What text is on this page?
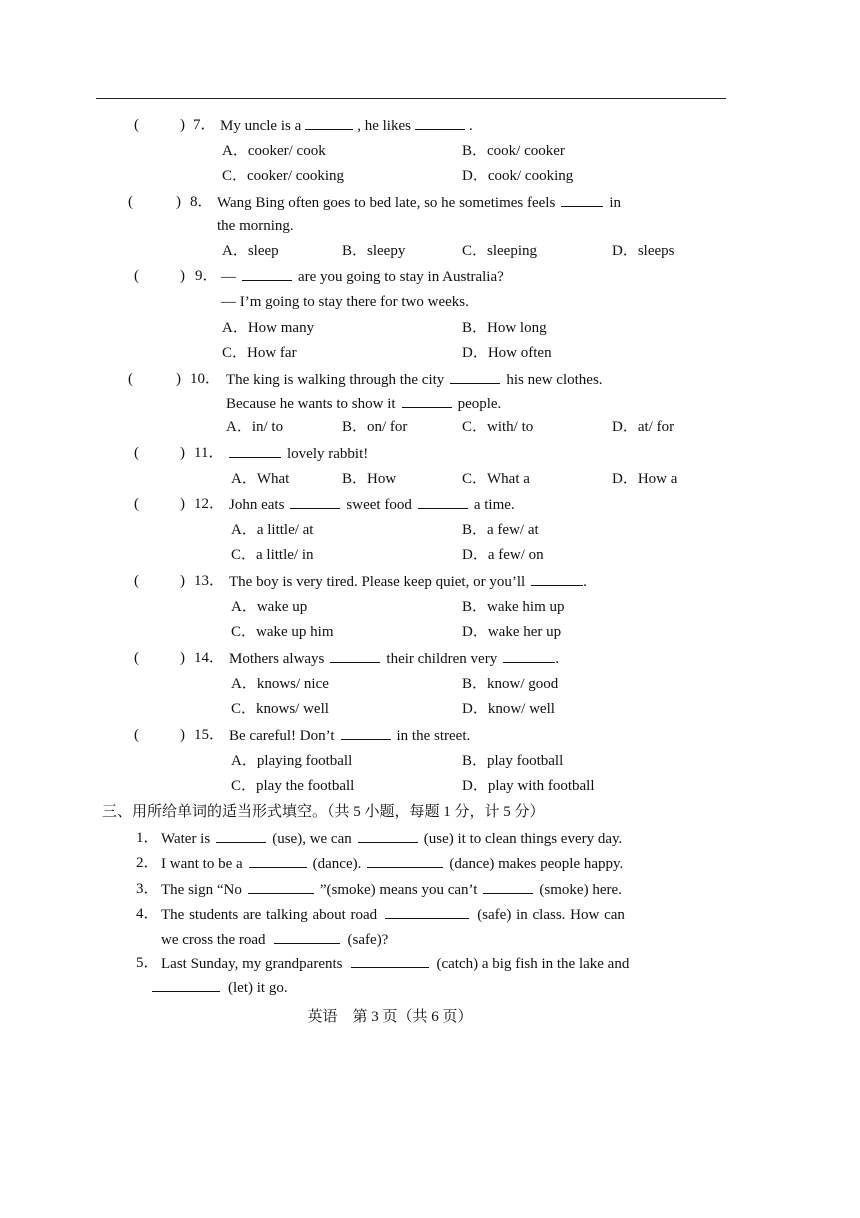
(	) 7． My uncle is a	, he likes	.
A．cooker/ cook	B．cook/ cooker
C．cooker/ cooking	D．cook/ cooking
(	) 8． Wang Bing often goes to bed late, so he sometimes feels	in
the morning.
A．sleep	B．sleepy	C．sleeping	D．sleeps
(	) 9． —	are you going to stay in Australia?
— I’m going to stay there for two weeks.
A．How many	B．How long
C．How far	D．How often
(	) 10． The king is walking through the city	his new clothes.
Because he wants to show it	people.
A．in/ to	B．on/ for	C．with/ to	D．at/ for
(	) 11．	lovely rabbit!
A．What	B．How	C．What a	D．How a
(	) 12． John eats	sweet food	a time.
A．a little/ at	B．a few/ at
C．a little/ in	D．a few/ on
(	) 13． The boy is very tired. Please keep quiet, or you’ll	.
A．wake up	B．wake him up
C．wake up him	D．wake her up
(	) 14． Mothers always	their children very	.
A．knows/ nice	B．know/ good
C．knows/ well	D．know/ well
(	) 15． Be careful! Don’t	in the street.
A．playing football	B．play football
C．play the football	D．play with football
三、用所给单词的适当形式填空。（共 5 小题，每题 1 分，计 5 分）
1． Water is	(use), we can	(use) it to clean things every day.
2． I want to be a	(dance).	(dance) makes people happy.
3． The sign “No	”(smoke) means you can’t	(smoke) here.
4． The students are talking about road	(safe) in class. How can
we cross the road	(safe)?
5． Last Sunday, my grandparents	(catch) a big fish in the lake and
(let) it go.
英语　第 3 页（共 6 页）
